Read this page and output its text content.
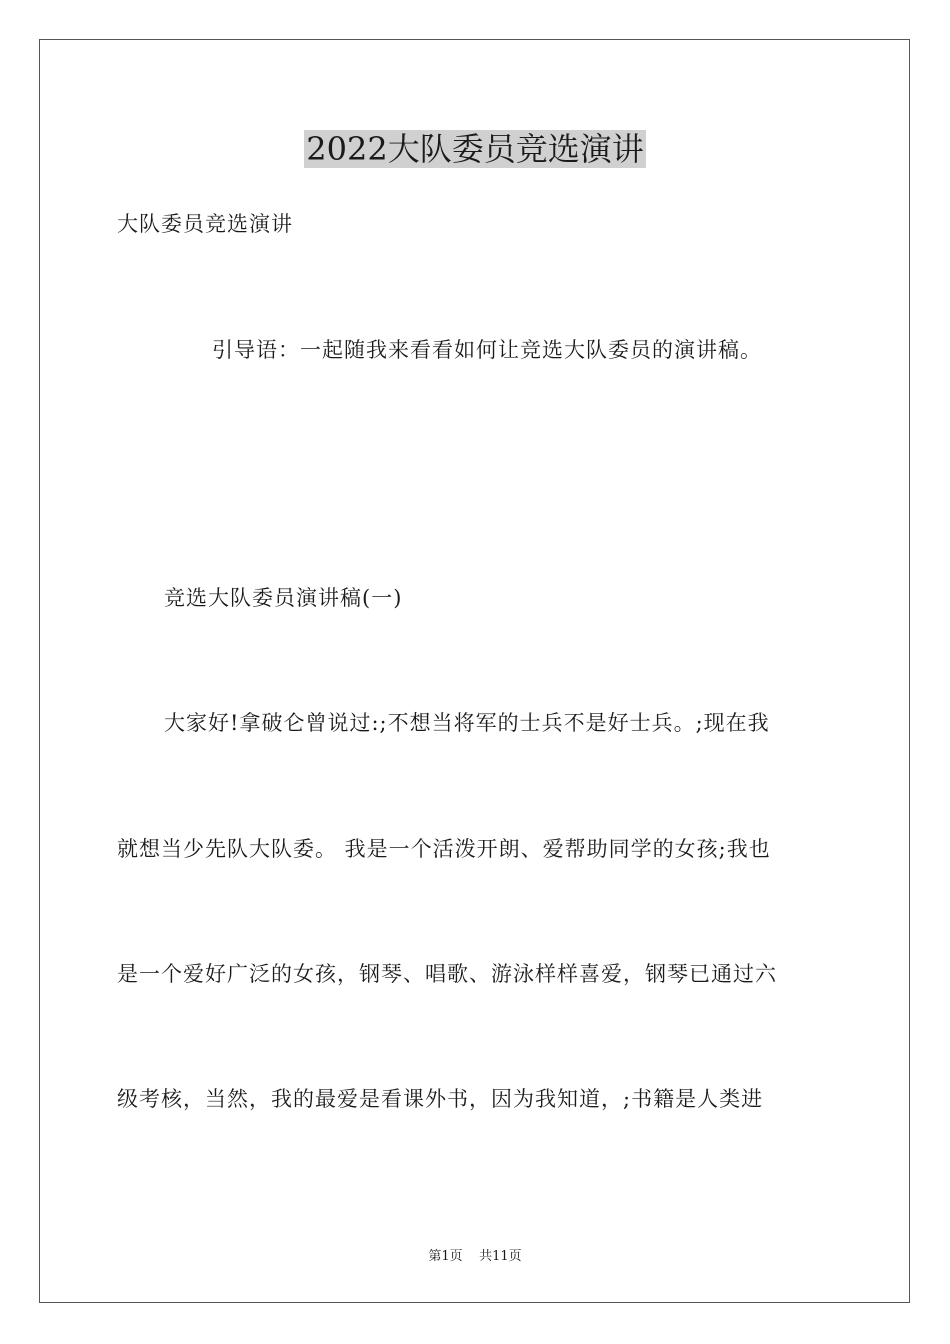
2022大队委员竞选演讲

大队委员竞选演讲

引导语：一起随我来看看如何让竞选大队委员的演讲稿。

竞选大队委员演讲稿(一)

大家好!拿破仑曾说过:;不想当将军的士兵不是好士兵。;现在我

就想当少先队大队委。 我是一个活泼开朗、爱帮助同学的女孩;我也

是一个爱好广泛的女孩，钢琴、唱歌、游泳样样喜爱，钢琴已通过六

级考核，当然，我的最爱是看课外书，因为我知道，;书籍是人类进

第1页 共11页
